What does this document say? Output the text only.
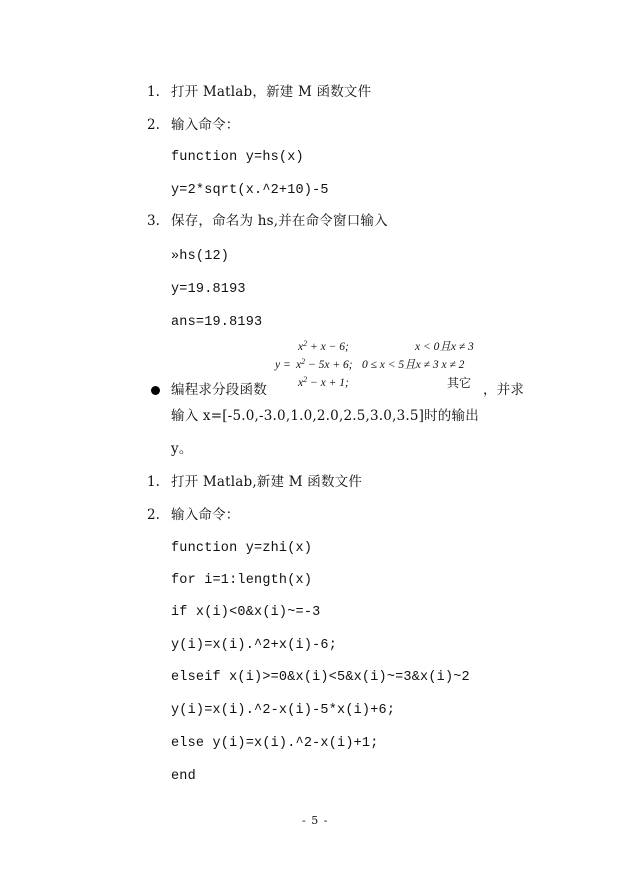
1. 打开 Matlab，新建 M 函数文件
2. 输入命令：
function y=hs(x)
y=2*sqrt(x.^2+10)-5
3. 保存，命名为 hs,并在命令窗口输入
»hs(12)
y=19.8193
ans=19.8193
y =
$x^2 + x - 6$;	x < 0且x ≠ 3
$x^2 - 5x + 6$; 0 ≤ x < 5且x ≠ 3 x ≠ 2
$x^2 - x + 1$;	其它
编程求分段函数	，并求
输入 x=[-5.0,-3.0,1.0,2.0,2.5,3.0,3.5]时的输出
y。
1. 打开 Matlab,新建 M 函数文件
2. 输入命令：
function y=zhi(x)
for i=1:length(x)
if x(i)<0&x(i)~=-3
y(i)=x(i).^2+x(i)-6;
elseif x(i)>=0&x(i)<5&x(i)~=3&x(i)~2
y(i)=x(i).^2-x(i)-5*x(i)+6;
else y(i)=x(i).^2-x(i)+1;
end
- 5 -
